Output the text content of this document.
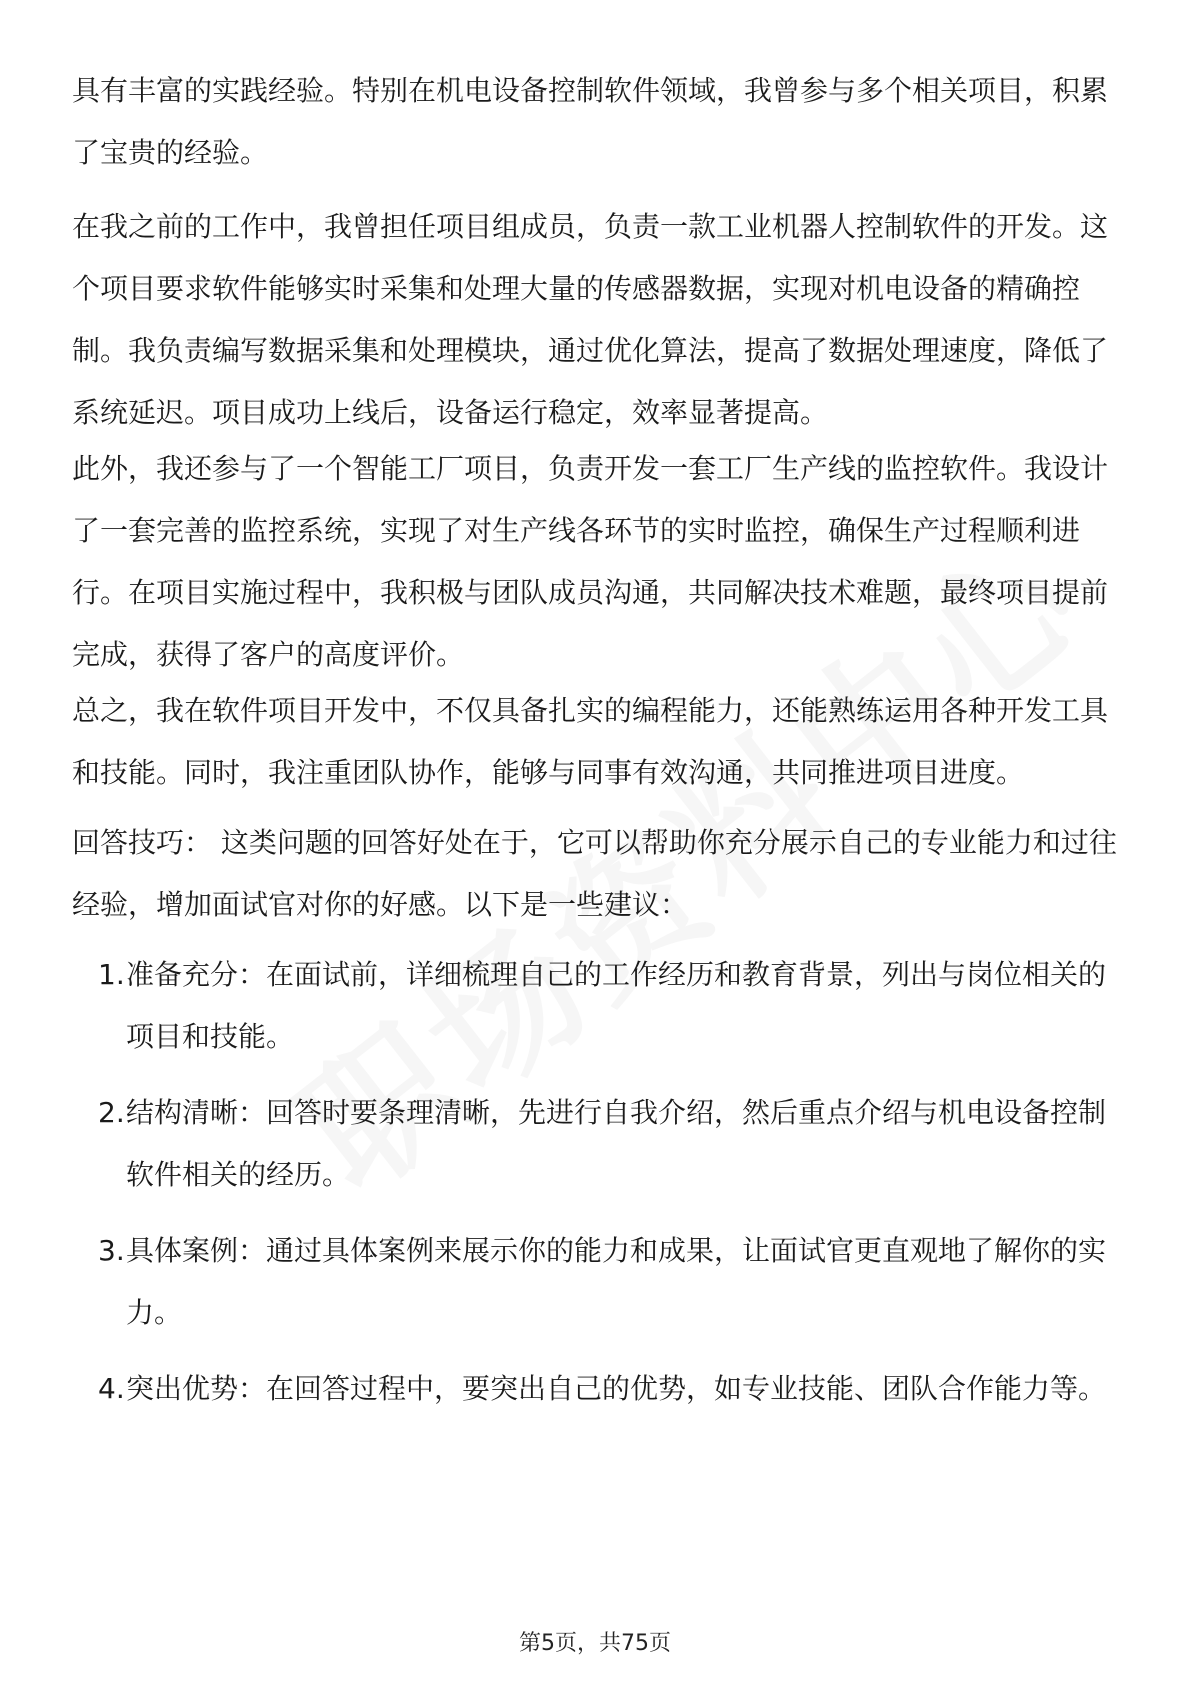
具有丰富的实践经验。特别在机电设备控制软件领域，我曾参与多个相关项目，积累了宝贵的经验。

在我之前的工作中，我曾担任项目组成员，负责一款工业机器人控制软件的开发。这个项目要求软件能够实时采集和处理大量的传感器数据，实现对机电设备的精确控制。我负责编写数据采集和处理模块，通过优化算法，提高了数据处理速度，降低了系统延迟。项目成功上线后，设备运行稳定，效率显著提高。

此外，我还参与了一个智能工厂项目，负责开发一套工厂生产线的监控软件。我设计了一套完善的监控系统，实现了对生产线各环节的实时监控，确保生产过程顺利进行。在项目实施过程中，我积极与团队成员沟通，共同解决技术难题，最终项目提前完成，获得了客户的高度评价。

总之，我在软件项目开发中，不仅具备扎实的编程能力，还能熟练运用各种开发工具和技能。同时，我注重团队协作，能够与同事有效沟通，共同推进项目进度。

回答技巧： 这类问题的回答好处在于，它可以帮助你充分展示自己的专业能力和过往经验，增加面试官对你的好感。以下是一些建议：

1. 准备充分：在面试前，详细梳理自己的工作经历和教育背景，列出与岗位相关的项目和技能。
2. 结构清晰：回答时要条理清晰，先进行自我介绍，然后重点介绍与机电设备控制软件相关的经历。
3. 具体案例：通过具体案例来展示你的能力和成果，让面试官更直观地了解你的实力。
4. 突出优势：在回答过程中，要突出自己的优势，如专业技能、团队合作能力等。
第5页，共75页
